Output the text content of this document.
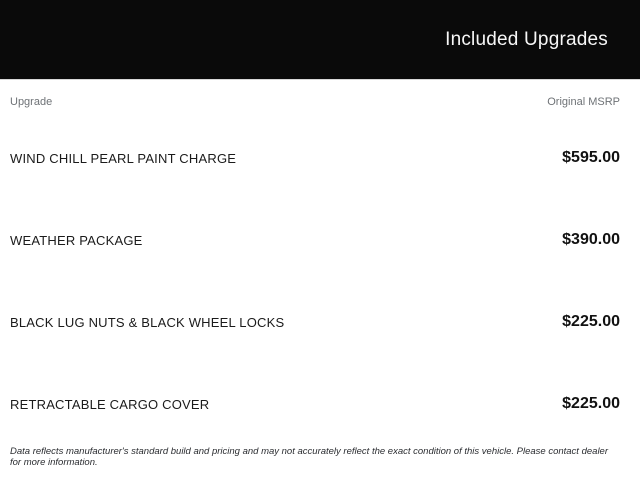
Included Upgrades
Upgrade	Original MSRP
WIND CHILL PEARL PAINT CHARGE	$595.00
WEATHER PACKAGE	$390.00
BLACK LUG NUTS & BLACK WHEEL LOCKS	$225.00
RETRACTABLE CARGO COVER	$225.00

Data reflects manufacturer's standard build and pricing and may not accurately reflect the exact condition of this vehicle. Please contact dealer for more information.
